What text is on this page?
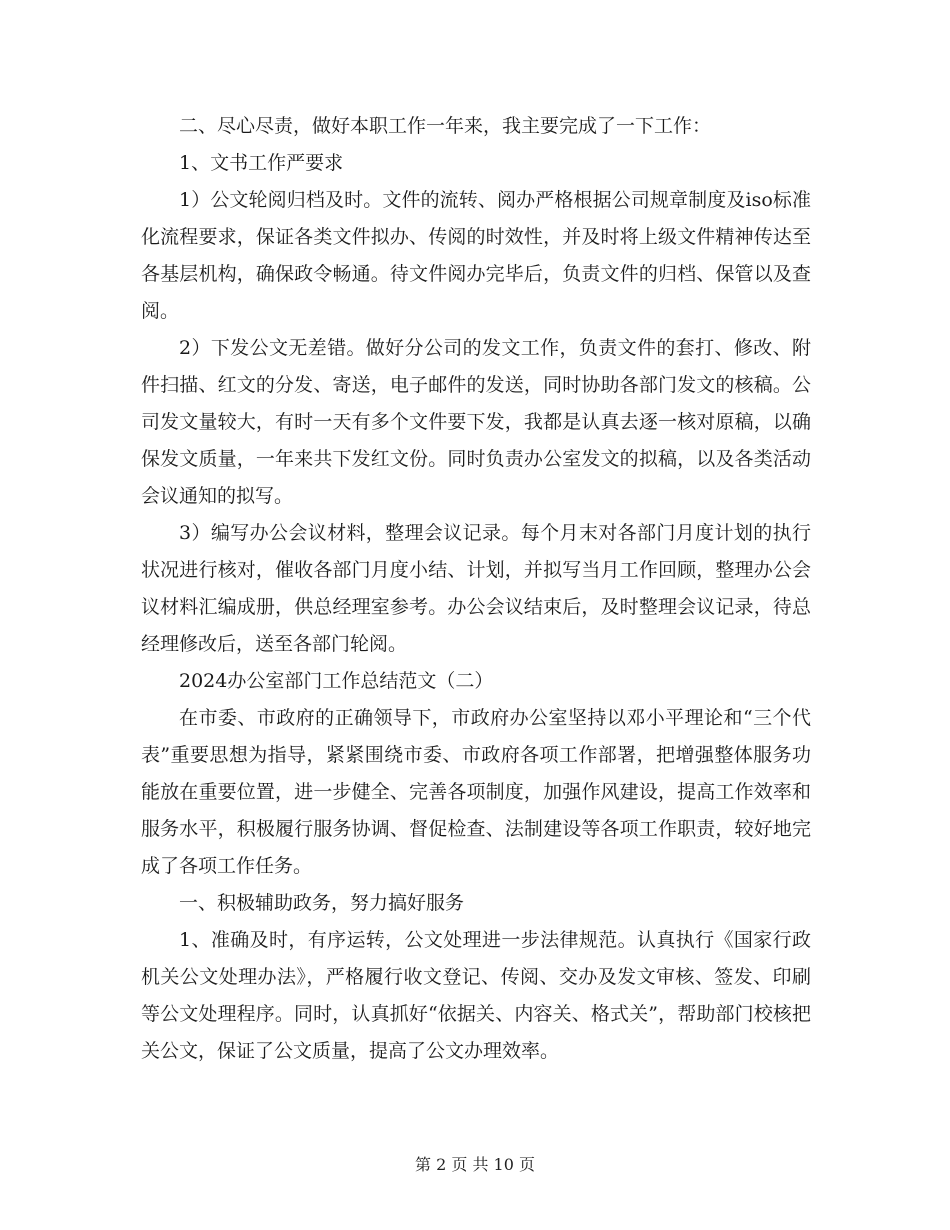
二、尽心尽责，做好本职工作一年来，我主要完成了一下工作：

1、文书工作严要求

1）公文轮阅归档及时。文件的流转、阅办严格根据公司规章制度及iso标准化流程要求，保证各类文件拟办、传阅的时效性，并及时将上级文件精神传达至各基层机构，确保政令畅通。待文件阅办完毕后，负责文件的归档、保管以及查阅。

2）下发公文无差错。做好分公司的发文工作，负责文件的套打、修改、附件扫描、红文的分发、寄送，电子邮件的发送，同时协助各部门发文的核稿。公司发文量较大，有时一天有多个文件要下发，我都是认真去逐一核对原稿，以确保发文质量，一年来共下发红文份。同时负责办公室发文的拟稿，以及各类活动会议通知的拟写。

3）编写办公会议材料，整理会议记录。每个月末对各部门月度计划的执行状况进行核对，催收各部门月度小结、计划，并拟写当月工作回顾，整理办公会议材料汇编成册，供总经理室参考。办公会议结束后，及时整理会议记录，待总经理修改后，送至各部门轮阅。

2024办公室部门工作总结范文（二）

在市委、市政府的正确领导下，市政府办公室坚持以邓小平理论和“三个代表”重要思想为指导，紧紧围绕市委、市政府各项工作部署，把增强整体服务功能放在重要位置，进一步健全、完善各项制度，加强作风建设，提高工作效率和服务水平，积极履行服务协调、督促检查、法制建设等各项工作职责，较好地完成了各项工作任务。

一、积极辅助政务，努力搞好服务

1、准确及时，有序运转，公文处理进一步法律规范。认真执行《国家行政机关公文处理办法》，严格履行收文登记、传阅、交办及发文审核、签发、印刷等公文处理程序。同时，认真抓好“依据关、内容关、格式关”，帮助部门校核把关公文，保证了公文质量，提高了公文办理效率。

第 2 页 共 10 页
